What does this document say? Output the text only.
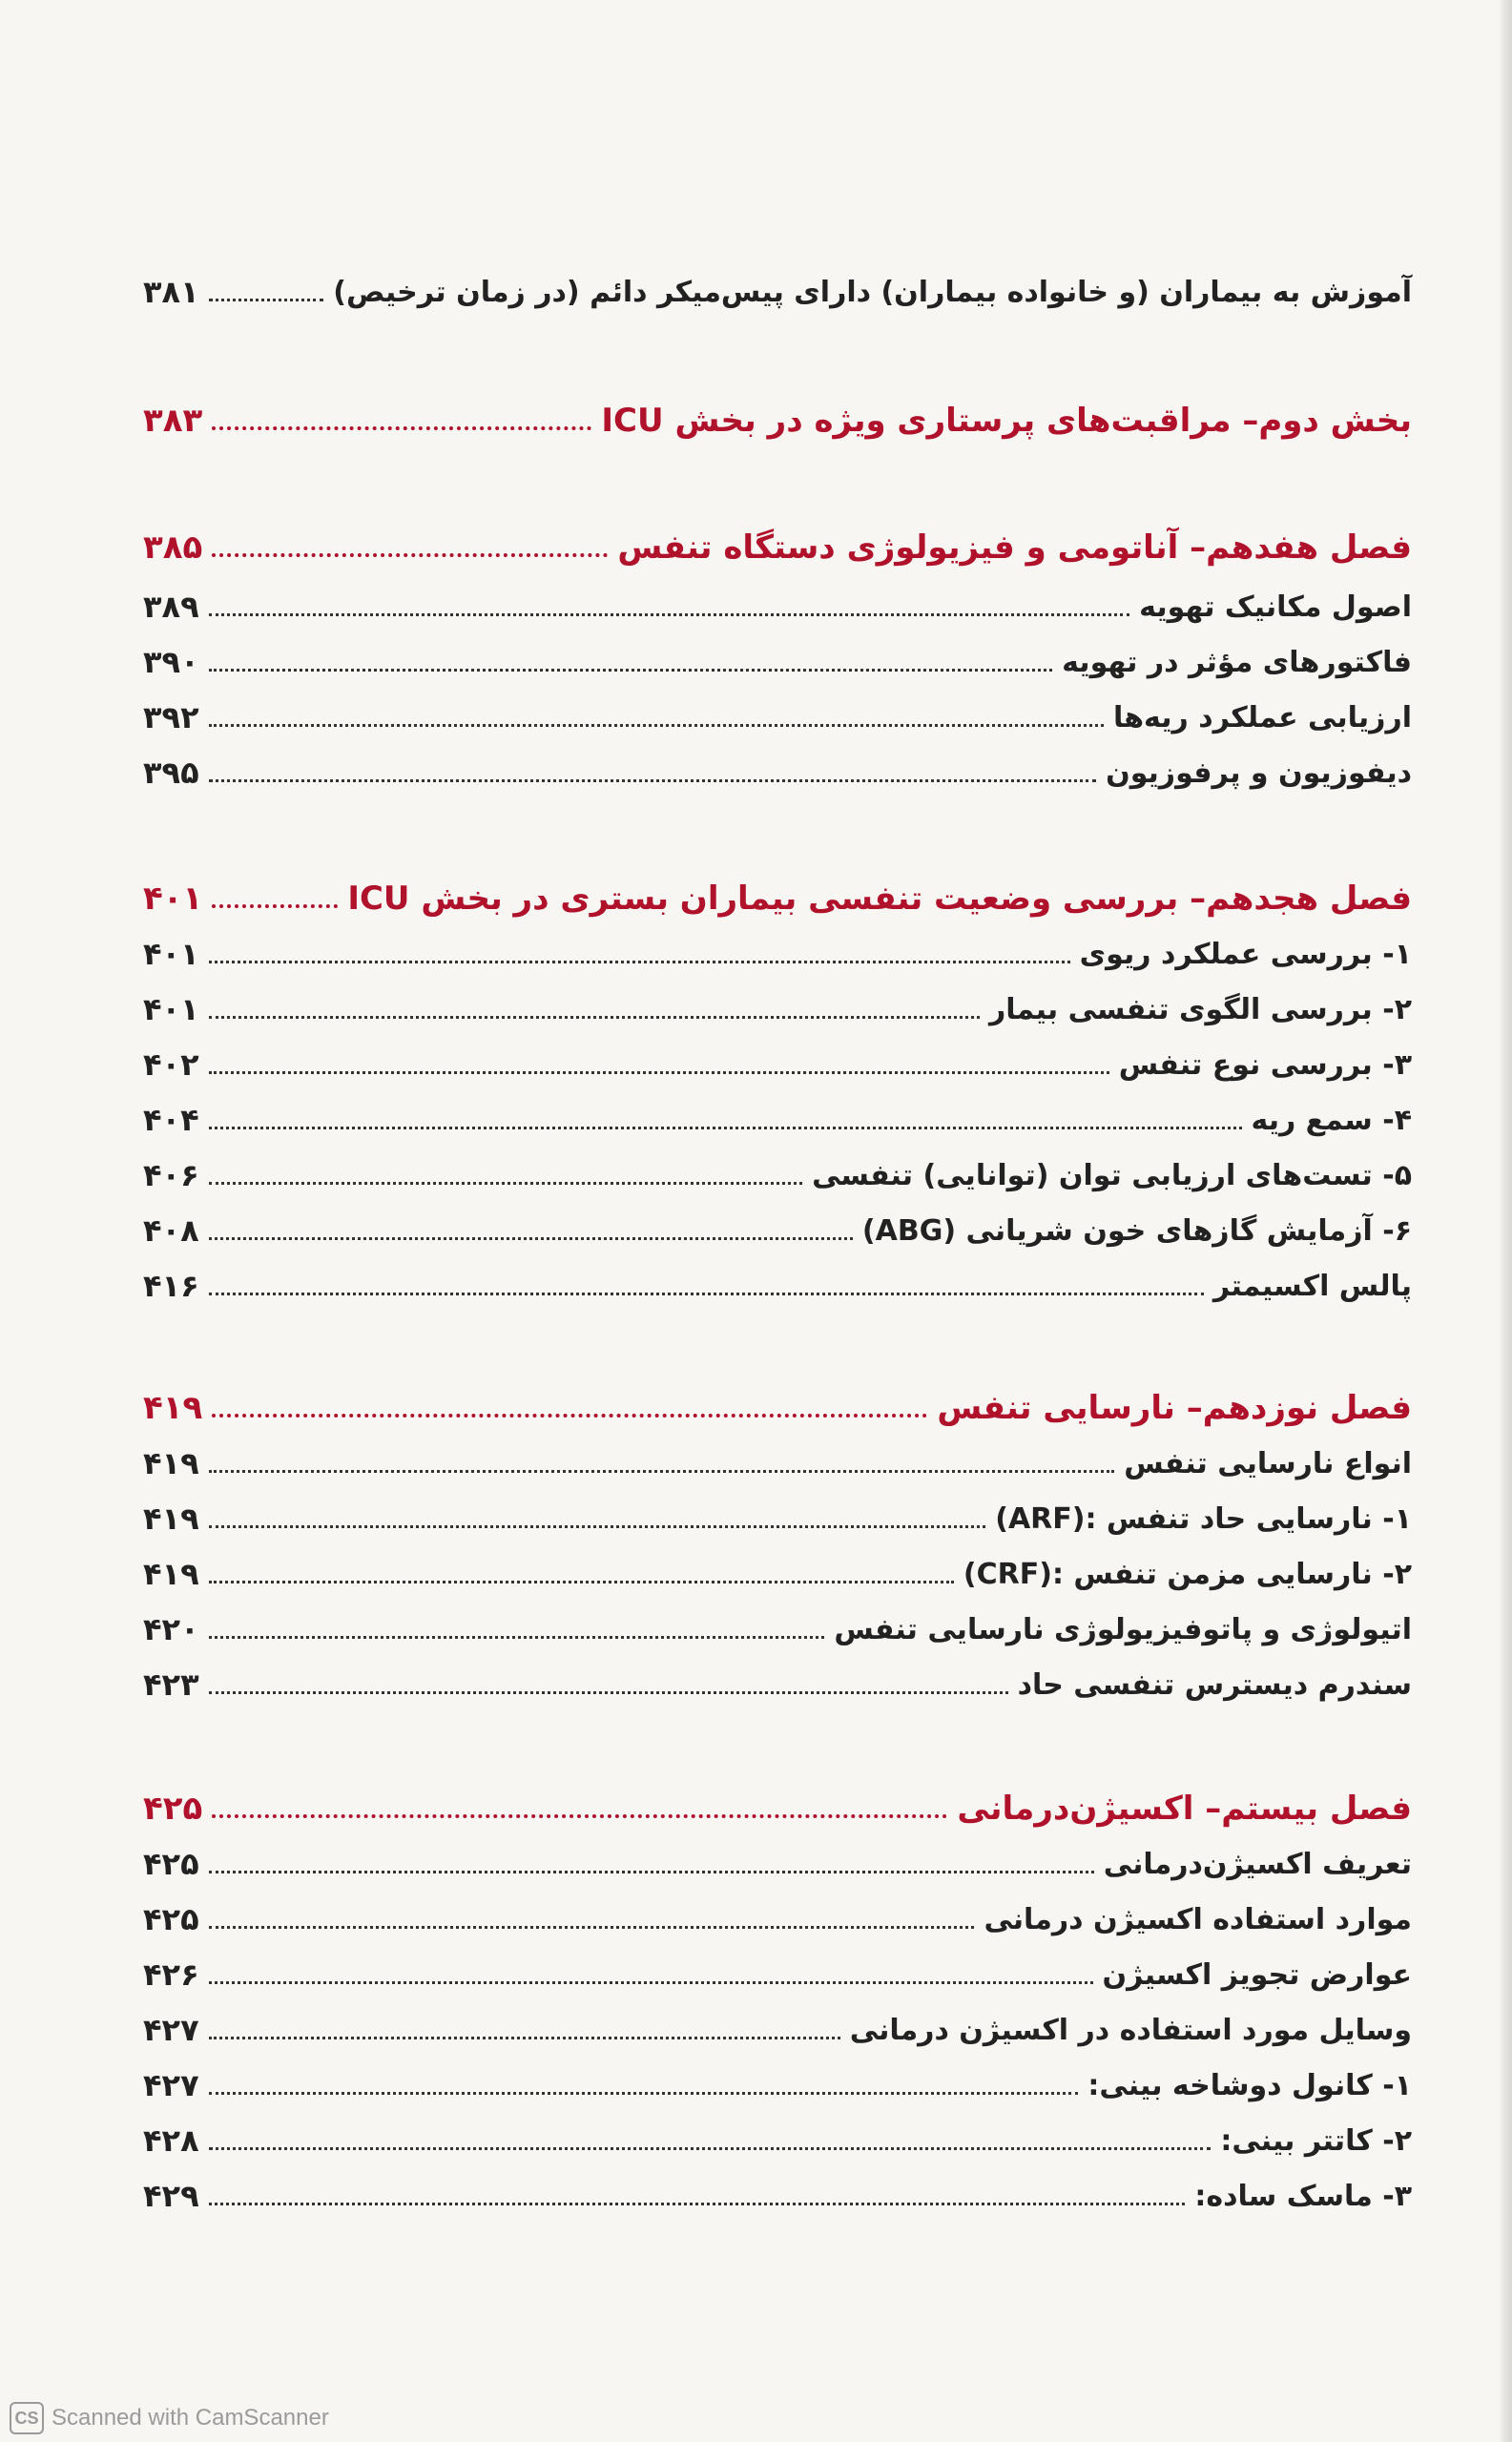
آموزش به بیماران (و خانواده بیماران) دارای پیس‌میکر دائم (در زمان ترخیص)
۳۸۱
بخش دوم– مراقبت‌های پرستاری ویژه در بخش ICU
۳۸۳
فصل هفدهم– آناتومی و فیزیولوژی دستگاه تنفس
۳۸۵
اصول مکانیک تهویه
۳۸۹
فاکتورهای مؤثر در تهویه
۳۹۰
ارزیابی عملکرد ریه‌ها
۳۹۲
دیفوزیون و پرفوزیون
۳۹۵
فصل هجدهم– بررسی وضعیت تنفسی بیماران بستری در بخش ICU
۴۰۱
۱- بررسی عملکرد ریوی
۴۰۱
۲- بررسی الگوی تنفسی بیمار
۴۰۱
۳- بررسی نوع تنفس
۴۰۲
۴- سمع ریه
۴۰۴
۵- تست‌های ارزیابی توان (توانایی) تنفسی
۴۰۶
۶- آزمایش گازهای خون شریانی (ABG)
۴۰۸
پالس اکسیمتر
۴۱۶
فصل نوزدهم– نارسایی تنفس
۴۱۹
انواع نارسایی تنفس
۴۱۹
۱- نارسایی حاد تنفس :(ARF)
۴۱۹
۲- نارسایی مزمن تنفس :(CRF)
۴۱۹
اتیولوژی و پاتوفیزیولوژی نارسایی تنفس
۴۲۰
سندرم دیسترس تنفسی حاد
۴۲۳
فصل بیستم– اکسیژن‌درمانی
۴۲۵
تعریف اکسیژن‌درمانی
۴۲۵
موارد استفاده اکسیژن درمانی
۴۲۵
عوارض تجویز اکسیژن
۴۲۶
وسایل مورد استفاده در اکسیژن درمانی
۴۲۷
۱- کانول دوشاخه بینی:
۴۲۷
۲- کاتتر بینی:
۴۲۸
۳- ماسک ساده:
۴۲۹
CS Scanned with CamScanner
